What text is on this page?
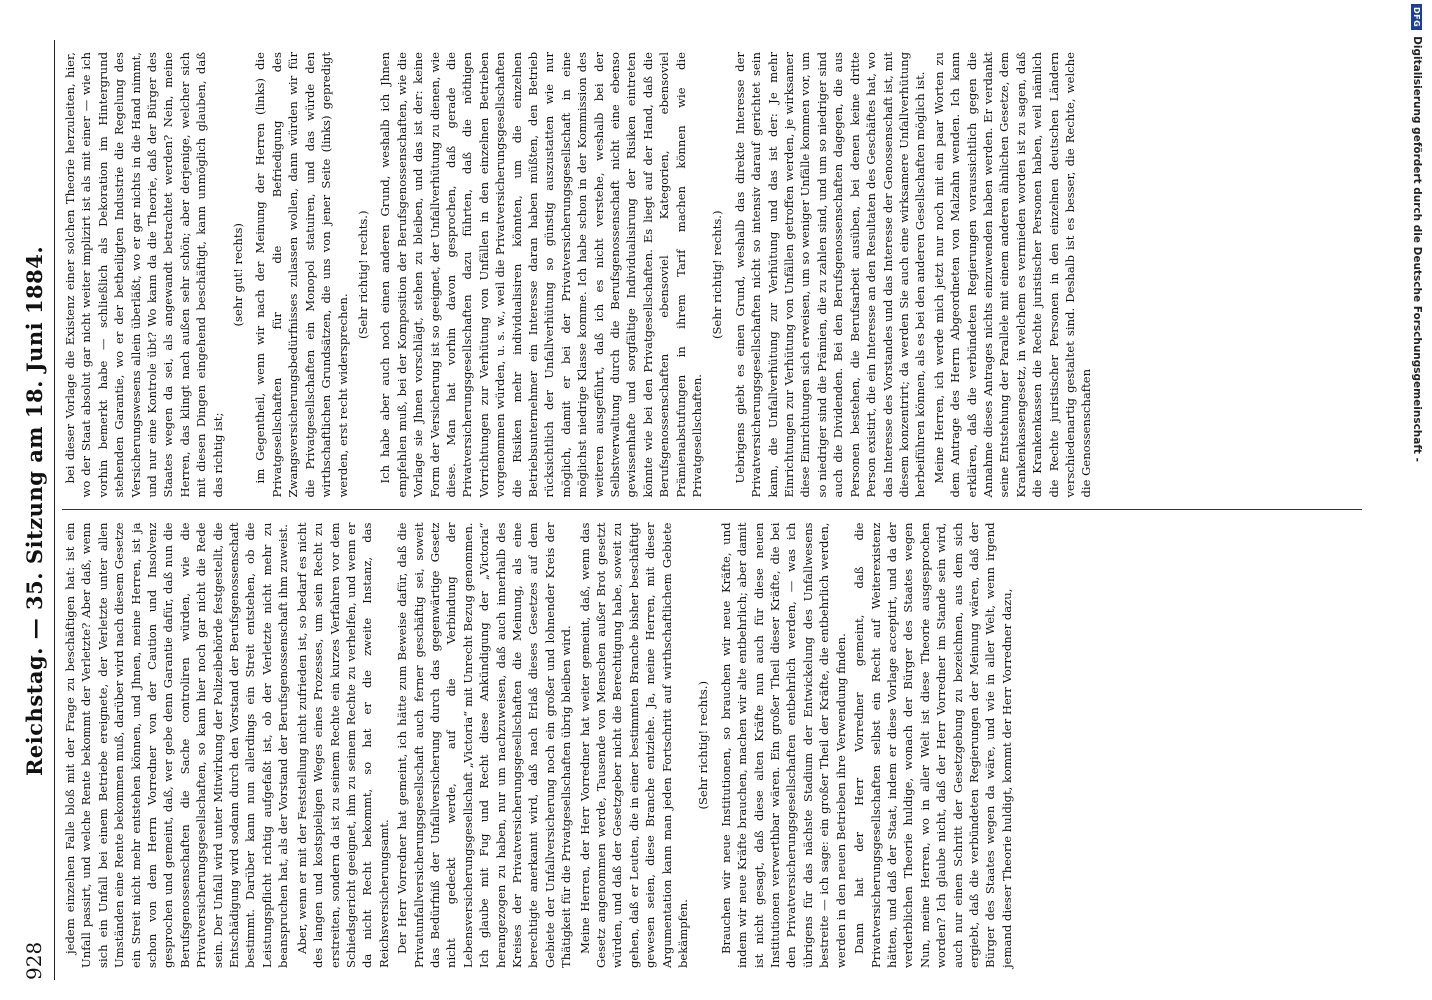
928
Reichstag. — 35. Sitzung am 18. Juni 1884. jedem einzelnen Falle bloß mit der Frage zu beschäftigen hat: ist ein Unfall passirt, und welche Rente bekommt der Verletzte? Aber daß, wenn sich ein Unfall bei einem Betriebe ereignete, der Verletzte unter allen Umständen eine Rente bekommen muß, darüber wird nach diesem Gesetze ein Streit nicht mehr entstehen können, und Jhnen, meine Herren, ist ja schon von dem Herrn Vorredner von der Caution und Insolvenz gesprochen und gemeint, daß, wer gebe denn Garantie dafür, daß nun die Berufsgenossenschaften die Sache controliren würden, wie die Privatversicherungsgesellschaften, so kann hier noch gar nicht die Rede sein. Der Unfall wird unter Mitwirkung der Polizeibehörde festgestellt, die Entschädigung wird sodann durch den Vorstand der Berufsgenossenschaft bestimmt. Darüber kann nun allerdings ein Streit entstehen, ob die Leistungspflicht richtig aufgefaßt ist, ob der Verletzte nicht mehr zu beanspruchen hat, als der Vorstand der Berufsgenossenschaft ihm zuweist. Aber, wenn er mit der Feststellung nicht zufrieden ist, so bedarf es nicht des langen und kostspieligen Weges eines Prozesses, um sein Recht zu erstreiten, sondern da ist zu seinem Rechte ein kurzes Verfahren vor dem Schiedsgericht geeignet, ihm zu seinem Rechte zu verhelfen, und wenn er da nicht Recht bekommt, so hat er die zweite Instanz, das Reichsversicherungsamt. Der Herr Vorredner hat gemeint, ich hätte zum Beweise dafür, daß die Privatunfallversicherungsgesellschaft auch ferner geschäftig sei, soweit das Bedürfniß der Unfallversicherung durch das gegenwärtige Gesetz nicht gedeckt werde, auf die Verbindung der Lebensversicherungsgesellschaft „Victoria“ mit Unrecht Bezug genommen. Ich glaube mit Fug und Recht diese Ankündigung der „Victoria“ herangezogen zu haben, nur um nachzuweisen, daß auch innerhalb des Kreises der Privatversicherungsgesellschaften die Meinung, als eine berechtigte anerkannt wird, daß nach Erlaß dieses Gesetzes auf dem Gebiete der Unfallversicherung noch ein großer und lohnender Kreis der Thätigkeit für die Privatgesellschaften übrig bleiben wird. Meine Herren, der Herr Vorredner hat weiter gemeint, daß, wenn das Gesetz angenommen werde, Tausende von Menschen außer Brot gesetzt würden, und daß der Gesetzgeber nicht die Berechtigung habe, soweit zu gehen, daß er Leuten, die in einer bestimmten Branche bisher beschäftigt gewesen seien, diese Branche entziehe. Ja, meine Herren, mit dieser Argumentation kann man jeden Fortschritt auf wirthschaftlichem Gebiete bekämpfen.

(Sehr richtig! rechts.) Brauchen wir neue Institutionen, so brauchen wir neue Kräfte, und indem wir neue Kräfte brauchen, machen wir alte entbehrlich; aber damit ist nicht gesagt, daß diese alten Kräfte nun auch für diese neuen Institutionen verwerthbar wären. Ein großer Theil dieser Kräfte, die bei den Privatversicherungsgesellschaften entbehrlich werden, — was ich übrigens für das nächste Stadium der Entwickelung des Unfallwesens bestreite — ich sage: ein großer Theil der Kräfte, die entbehrlich werden, werden in den neuen Betrieben ihre Verwendung finden. Dann hat der Herr Vorredner gemeint, daß die Privatversicherungsgesellschaften selbst ein Recht auf Weiterexistenz hätten, und daß der Staat, indem er diese Vorlage acceptirt, und da der verderblichen Theorie huldige, wonach der Bürger des Staates wegen Nun, meine Herren, wo in aller Welt ist diese Theorie ausgesprochen worden? Ich glaube nicht, daß der Herr Vorredner im Stande sein wird, auch nur einen Schritt der Gesetzgebung zu bezeichnen, aus dem sich ergiebt, daß die verbündeten Regierungen der Meinung wären, daß der Bürger des Staates wegen da wäre, und wie in aller Welt, wenn irgend jemand dieser Theorie huldigt, kommt der Herr Vorredner dazu,

bei dieser Vorlage die Existenz einer solchen Theorie herzuleiten, hier, wo der Staat absolut gar nicht weiter implizirt ist als mit einer — wie ich vorhin bemerkt habe — schließlich als Dekoration im Hintergrund stehenden Garantie, wo er der betheiligten Industrie die Regelung des Versicherungswesens allein überläßt, wo er gar nichts in die Hand nimmt, und nur eine Kontrole übt? Wo kann da die Theorie, daß der Bürger des Staates wegen da sei, als angewandt betrachtet werden? Nein, meine Herren, das klingt nach außen sehr schön; aber derjenige, welcher sich mit diesen Dingen eingehend beschäftigt, kann unmöglich glauben, daß das richtig ist;

(sehr gut! rechts) im Gegentheil, wenn wir nach der Meinung der Herren (links) die Privatgesellschaften für die Befriedigung des Zwangsversicherungsbedürfnisses zulassen wollen, dann würden wir für die Privatgesellschaften ein Monopol statuiren, und das würde den wirthschaftlichen Grundsätzen, die uns von jener Seite (links) gepredigt werden, erst recht widersprechen.

(Sehr richtig! rechts.) Ich habe aber auch noch einen anderen Grund, weshalb ich Jhnen empfehlen muß, bei der Komposition der Berufsgenossenschaften, wie die Vorlage sie Jhnen vorschlägt, stehen zu bleiben, und das ist der: keine Form der Versicherung ist so geeignet, der Unfallverhütung zu dienen, wie diese. Man hat vorhin davon gesprochen, daß gerade die Privatversicherungsgesellschaften dazu führten, daß die nöthigen Vorrichtungen zur Verhütung von Unfällen in den einzelnen Betrieben vorgenommen würden, u. s. w., weil die Privatversicherungsgesellschaften die Risiken mehr individualisiren könnten, um die einzelnen Betriebsunternehmer ein Interesse daran haben müßten, den Betrieb rücksichtlich der Unfallverhütung so günstig auszustatten wie nur möglich, damit er bei der Privatversicherungsgesellschaft in eine möglichst niedrige Klasse komme. Ich habe schon in der Kommission des weiteren ausgeführt, daß ich es nicht verstehe, weshalb bei der Selbstverwaltung durch die Berufsgenossenschaft nicht eine ebenso gewissenhafte und sorgfältige Individualisirung der Risiken eintreten könnte wie bei den Privatgesellschaften. Es liegt auf der Hand, daß die Berufsgenossenschaften ebensoviel Kategorien, ebensoviel Prämienabstufungen in ihrem Tarif machen können wie die Privatgesellschaften.

(Sehr richtig! rechts.) Uebrigens giebt es einen Grund, weshalb das direkte Interesse der Privatversicherungsgesellschaften nicht so intensiv darauf gerichtet sein kann, die Unfallverhütung zur Verhütung und das ist der: Je mehr Einrichtungen zur Verhütung von Unfällen getroffen werden, je wirksamer diese Einrichtungen sich erweisen, um so weniger Unfälle kommen vor, um so niedriger sind die Prämien, die zu zahlen sind, und um so niedriger sind auch die Dividenden. Bei den Berufsgenossenschaften dagegen, die aus Personen bestehen, die Berufsarbeit ausüben, bei denen keine dritte Person existirt, die ein Interesse an den Resultaten des Geschäftes hat, wo das Interesse des Vorstandes und das Interesse der Genossenschaft ist, mit diesem konzentrirt; da werden Sie auch eine wirksamere Unfallverhütung herbeiführen können, als es bei den anderen Gesellschaften möglich ist. Meine Herren, ich werde mich jetzt nur noch mit ein paar Worten zu dem Antrage des Herrn Abgeordneten von Malzahn wenden. Ich kann erklären, daß die verbündeten Regierungen voraussichtlich gegen die Annahme dieses Antrages nichts einzuwenden haben werden. Er verdankt seine Entstehung der Parallele mit einem anderen ähnlichen Gesetze, dem Krankenkassengesetz, in welchem es vermieden worden ist zu sagen, daß die Krankenkassen die Rechte juristischer Personen haben, weil nämlich die Rechte juristischer Personen in den einzelnen deutschen Ländern verschiedenartig gestaltet sind. Deshalb ist es besser, die Rechte, welche die Genossenschaften

DFG
Digitalisierung gefördert durch die Deutsche Forschungsgemeinschaft -
